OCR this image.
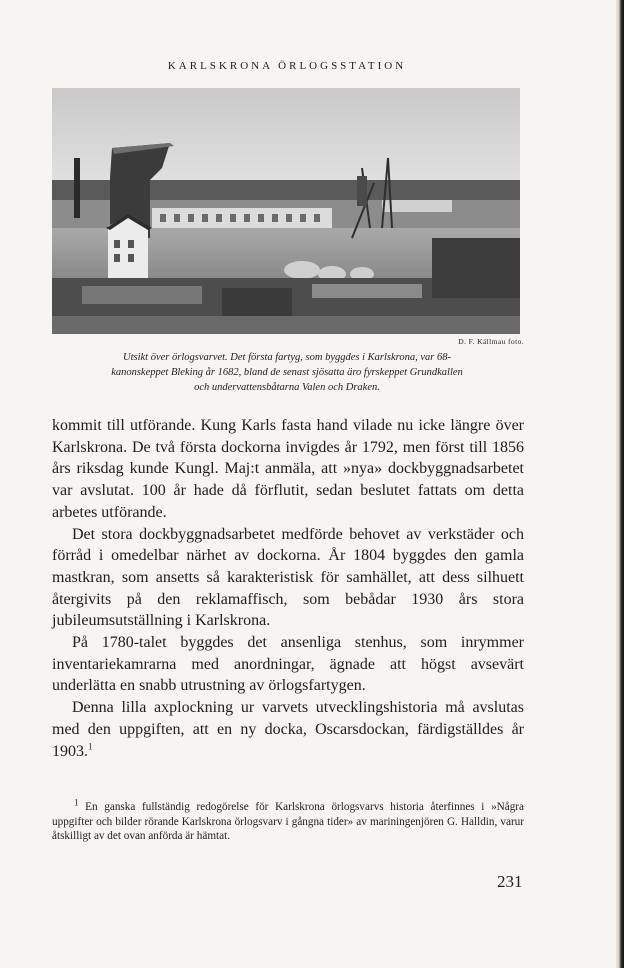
KARLSKRONA ÖRLOGSSTATION
D. F. Källmau foto.
Utsikt över örlogsvarvet. Det första fartyg, som byggdes i Karlskrona, var 68-
kanonskeppet Bleking år 1682, bland de senast sjösatta äro fyrskeppet Grundkallen
och undervattensbåtarna Valen och Draken.

kommit till utförande. Kung Karls fasta hand vilade nu icke längre över Karlskrona. De två första dockorna invigdes år 1792, men först till 1856 års riksdag kunde Kungl. Maj:t anmäla, att »nya» dockbyggnadsarbetet var avslutat. 100 år hade då förflutit, sedan beslutet fattats om detta arbetes utförande.

Det stora dockbyggnadsarbetet medförde behovet av verkstäder och förråd i omedelbar närhet av dockorna. År 1804 byggdes den gamla mastkran, som ansetts så karakteristisk för samhället, att dess silhuett återgivits på den reklamaffisch, som bebådar 1930 års stora jubileumsutställning i Karlskrona.

På 1780-talet byggdes det ansenliga stenhus, som inrymmer inventariekamrarna med anordningar, ägnade att högst avsevärt underlätta en snabb utrustning av örlogsfartygen.

Denna lilla axplockning ur varvets utvecklingshistoria må avslutas med den uppgiften, att en ny docka, Oscarsdockan, färdigställdes år 1903.$^1$

$^1$ En ganska fullständig redogörelse för Karlskrona örlogsvarvs historia återfinnes i »Några uppgifter och bilder rörande Karlskrona örlogsvarv i gångna tider» av mariningenjören G. Halldin, varur åtskilligt av det ovan anförda är hämtat.
231
